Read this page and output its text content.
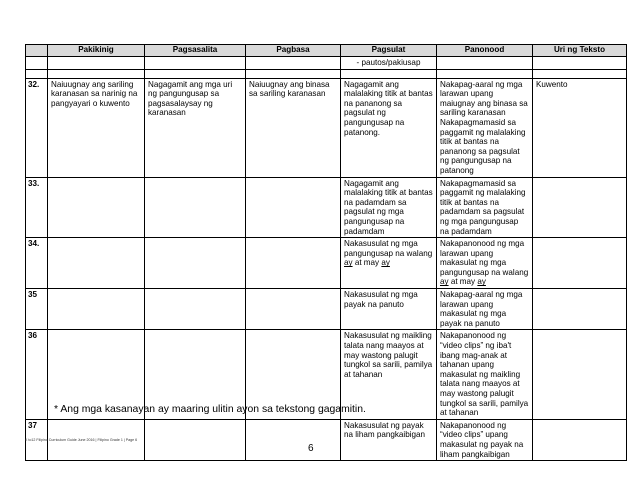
	Pakikinig	Pagsasalita	Pagbasa	Pagsulat	Panonood	Uri ng Teksto
				- pautos/pakiusap		

32.	Naiuugnay ang sariling karanasan sa narinig na pangyayari o kuwento	Nagagamit ang mga uri ng pangungusap sa pagsasalaysay ng karanasan	Naiuugnay ang binasa sa sariling karanasan	Nagagamit ang malalaking titik at bantas na pananong sa pagsulat ng pangungusap na patanong.	Nakapag-aaral ng mga larawan upang maiugnay ang binasa sa sariling karanasan Nakapagmamasid sa paggamit ng malalaking titik at bantas na pananong sa pagsulat ng pangungusap na patanong	Kuwento
33.				Nagagamit ang malalaking titik at bantas na padamdam sa pagsulat ng mga pangungusap na padamdam	Nakapagmamasid sa paggamit ng malalaking titik at bantas na padamdam sa pagsulat ng mga pangungusap na padamdam	
34.				Nakasusulat ng mga pangungusap na walang ay at may ay	Nakapanonood ng mga larawan upang makasulat ng mga pangungusap na walang ay at may ay	
35				Nakasusulat ng mga payak na panuto	Nakapag-aaral ng mga larawan upang makasulat ng mga payak na panuto	
36				Nakasusulat ng maikling talata nang maayos at may wastong palugit tungkol sa sarili, pamilya at tahanan	Nakapanonood ng “video clips” ng iba't ibang mag-anak at tahanan upang makasulat ng maikling talata nang maayos at may wastong palugit tungkol sa sarili, pamilya at tahanan	
37				Nakasusulat ng payak na liham pangkaibigan	Nakapanonood ng “video clips” upang makasulat ng payak na liham pangkaibigan	
* Ang mga kasanayan ay maaring ulitin ayon sa tekstong gagamitin.
K to12 Filipino Curriculum Guide June 2016 | Filipino Grade 1 | Page 6
6
